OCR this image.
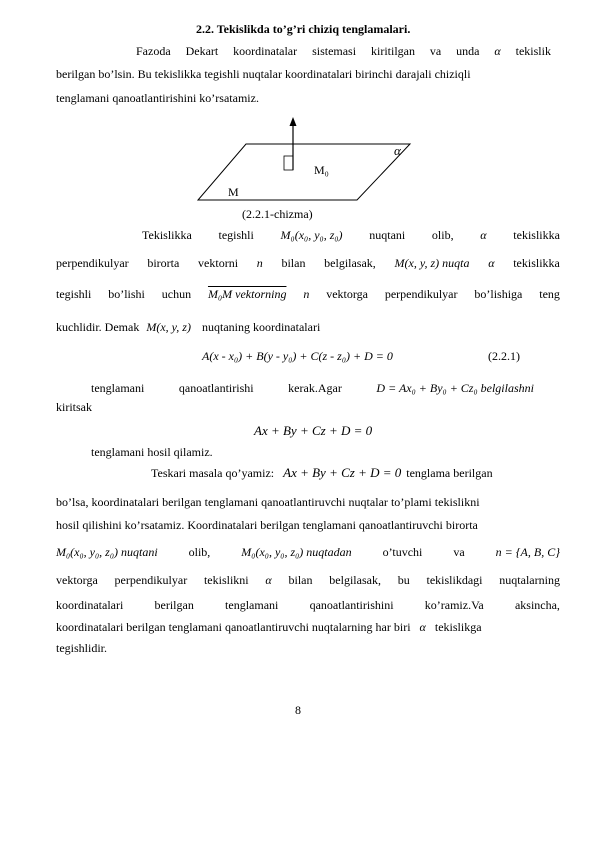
2.2. Tekislikda to’g’ri chiziq tenglamalari.
Fazoda Dekart koordinatalar sistemasi kiritilgan va unda α tekislik
berilgan bo’lsin. Bu tekislikka tegishli nuqtalar koordinatalari birinchi darajali chiziqli
tenglamani qanoatlantirishini ko’rsatamiz.
α
M₀
M
(2.2.1-chizma)
Tekislikka tegishli M₀(x₀, y₀, z₀) nuqtani olib, α tekislikka
perpendikulyar birorta vektorni n bilan belgilasak, M(x, y, z) nuqta α tekislikka
tegishli bo’lishi uchun M₀M vektorning n vektorga perpendikulyar bo’lishiga teng
kuchlidir. Demak M(x, y, z) nuqtaning koordinatalari
A(x - x₀) + B(y - y₀) + C(z - z₀) + D = 0	(2.2.1)
tenglamani	qanoatlantirishi	kerak.Agar	D = Ax₀ + By₀ + Cz₀ belgilashni
kiritsak
Ax + By + Cz + D = 0
tenglamani hosil qilamiz.
Teskari masala qo’yamiz: Ax + By + Cz + D = 0 tenglama berilgan
bo’lsa, koordinatalari berilgan tenglamani qanoatlantiruvchi nuqtalar to’plami tekislikni
hosil qilishini ko’rsatamiz. Koordinatalari berilgan tenglamani qanoatlantiruvchi birorta
M₀(x₀, y₀, z₀) nuqtani	olib,	M₀(x₀, y₀, z₀) nuqtadan	o’tuvchi	va	n = {A, B, C}
vektorga perpendikulyar tekislikni α bilan belgilasak, bu tekislikdagi nuqtalarning
koordinatalari	berilgan	tenglamani	qanoatlantirishini	ko’ramiz.Va	aksincha,
koordinatalari berilgan tenglamani qanoatlantiruvchi nuqtalarning har biri α tekislikga
tegishlidir.
8
